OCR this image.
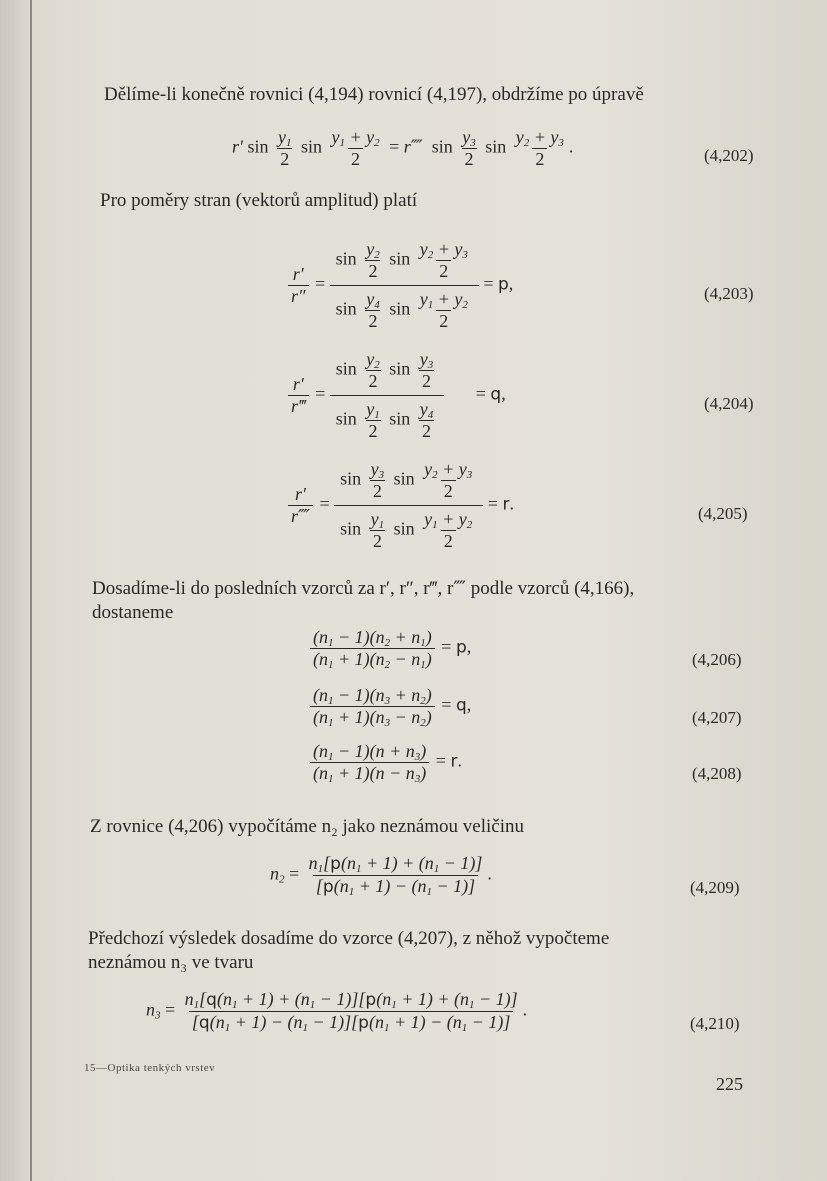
Dělíme-li konečně rovnici (4,194) rovnicí (4,197), obdržíme po úpravě
r′ $\sin \frac{y_1}{2}$ $\sin \frac{y_1 + y_2}{2}$ = r⁗ $\sin \frac{y_3}{2}$ $\sin \frac{y_2 + y_3}{2}$ .	(4,202)
Pro poměry stran (vektorů amplitud) platí
$\frac{r'}{r''} = \frac{\sin \frac{y_2}{2} \sin \frac{y_2 + y_3}{2}}{\sin \frac{y_4}{2} \sin \frac{y_1 + y_2}{2}} = p$,	(4,203)
$\frac{r'}{r‴} = \frac{\sin \frac{y_2}{2} \sin \frac{y_3}{2}}{\sin \frac{y_1}{2} \sin \frac{y_4}{2}} = q$,	(4,204)
$\frac{r'}{r⁗} = \frac{\sin \frac{y_3}{2} \sin \frac{y_2 + y_3}{2}}{\sin \frac{y_1}{2} \sin \frac{y_1 + y_2}{2}} = r$.	(4,205)
Dosadíme-li do posledních vzorců za r′, r″, r‴, r⁗ podle vzorců (4,166),
dostaneme
$\frac{(n_1 - 1)(n_2 + n_1)}{(n_1 + 1)(n_2 - n_1)} = p$,
(4,206)
$\frac{(n_1 - 1)(n_3 + n_2)}{(n_1 + 1)(n_3 - n_2)} = q$,
(4,207)
$\frac{(n_1 - 1)(n + n_3)}{(n_1 + 1)(n - n_3)} = r$.
(4,208)
Z rovnice (4,206) vypočítáme n₂ jako neznámou veličinu
$n_2 = \frac{n_1[p(n_1 + 1) + (n_1 - 1)]}{[p(n_1 + 1) - (n_1 - 1)]}$ .
(4,209)
Předchozí výsledek dosadíme do vzorce (4,207), z něhož vypočteme
neznámou n₃ ve tvaru
$n_3 = \frac{n_1[q(n_1 + 1) + (n_1 - 1)][p(n_1 + 1) + (n_1 - 1)]}{[q(n_1 + 1) - (n_1 - 1)][p(n_1 + 1) - (n_1 - 1)]}$ .
(4,210)
15—Optika tenkých vrstev
225
